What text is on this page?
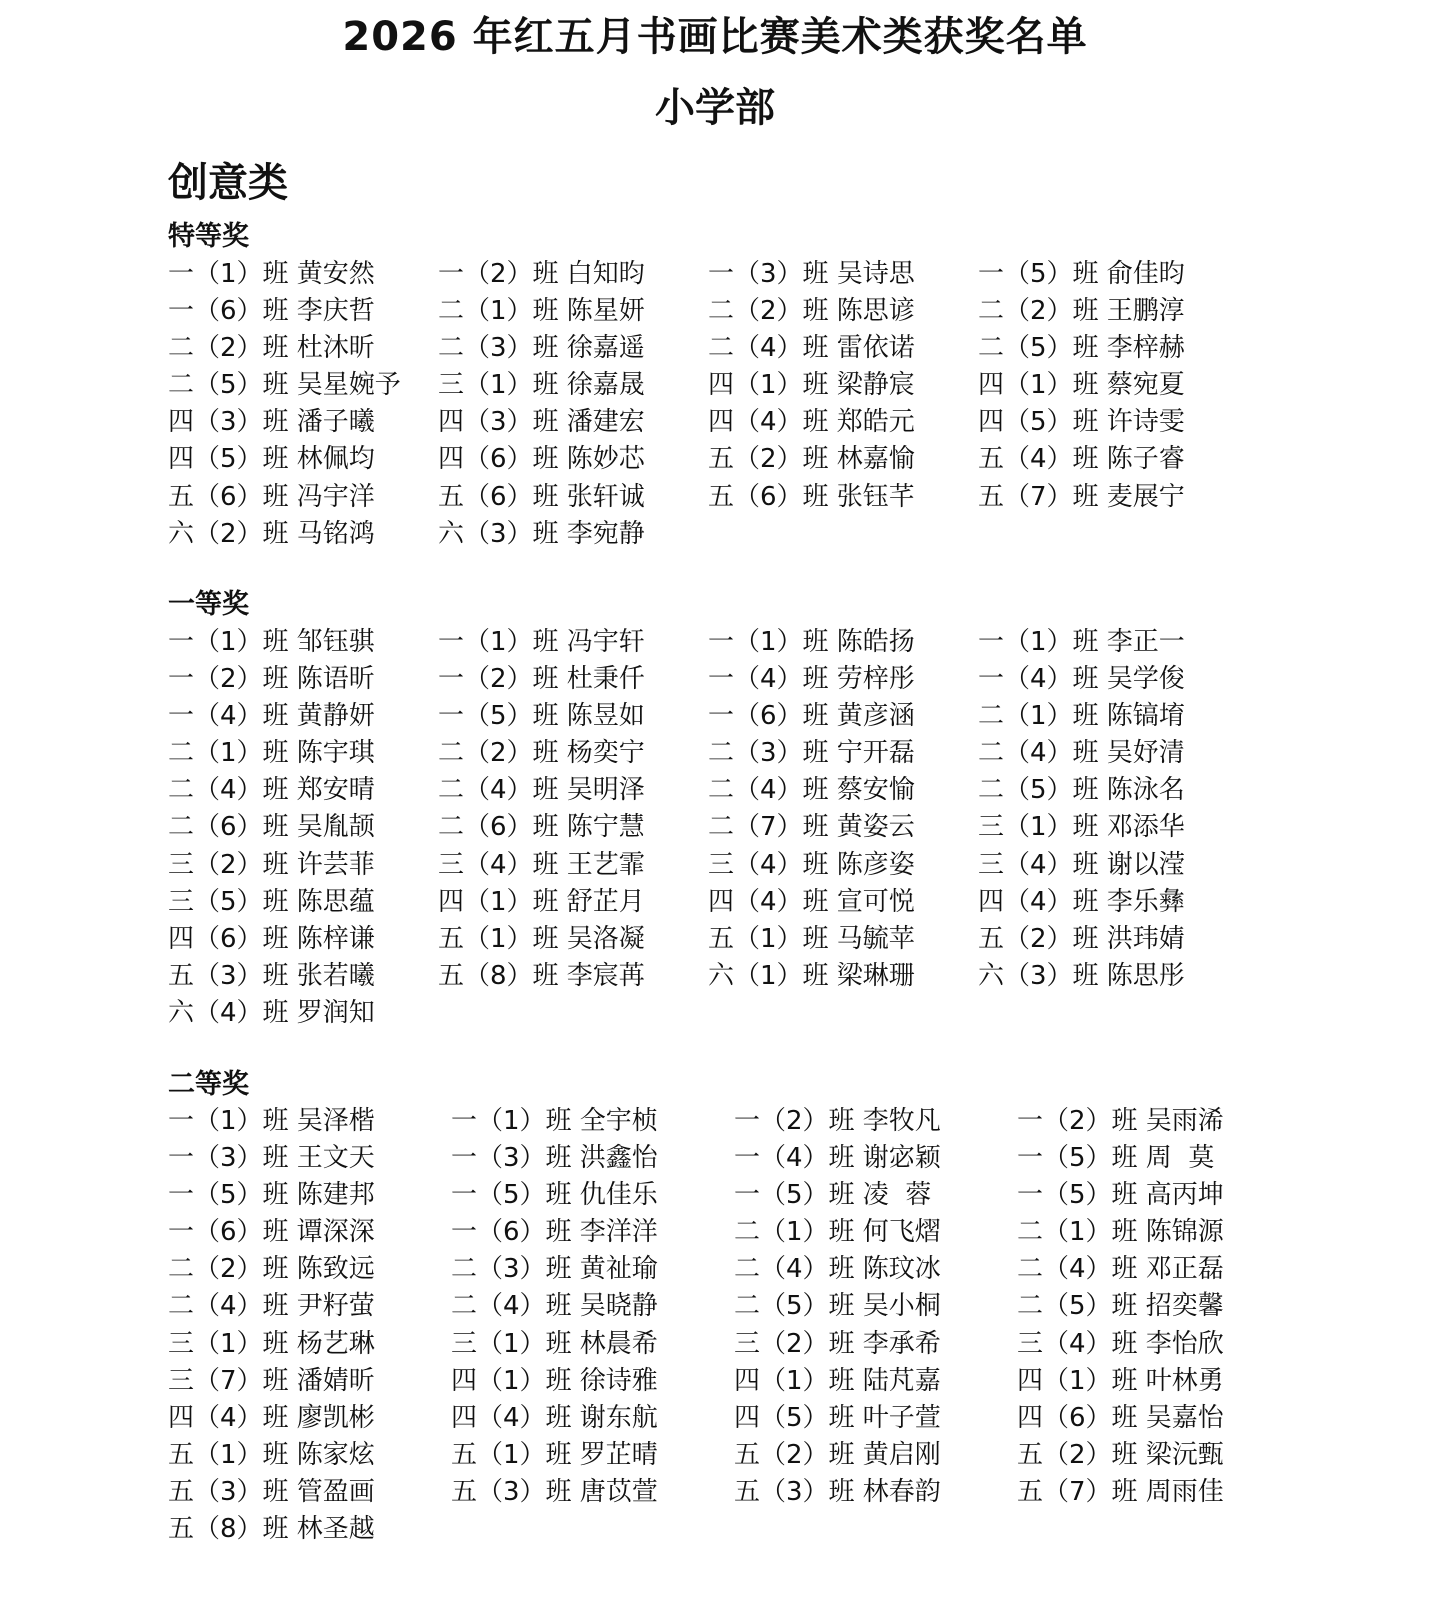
2026 年红五月书画比赛美术类获奖名单
小学部
创意类
特等奖
一（1）班 黄安然	一（2）班 白知昀	一（3）班 吴诗思	一（5）班 俞佳昀
一（6）班 李庆哲	二（1）班 陈星妍	二（2）班 陈思谚	二（2）班 王鹏淳
二（2）班 杜沐昕	二（3）班 徐嘉遥	二（4）班 雷依诺	二（5）班 李梓赫
二（5）班 吴星婉予	三（1）班 徐嘉晟	四（1）班 梁静宸	四（1）班 蔡宛夏
四（3）班 潘子曦	四（3）班 潘建宏	四（4）班 郑皓元	四（5）班 许诗雯
四（5）班 林佩均	四（6）班 陈妙芯	五（2）班 林嘉愉	五（4）班 陈子睿
五（6）班 冯宇洋	五（6）班 张轩诚	五（6）班 张钰芊	五（7）班 麦展宁
六（2）班 马铭鸿	六（3）班 李宛静
一等奖
一（1）班 邹钰骐	一（1）班 冯宇轩	一（1）班 陈皓扬	一（1）班 李正一
一（2）班 陈语昕	一（2）班 杜秉仟	一（4）班 劳梓彤	一（4）班 吴学俊
一（4）班 黄静妍	一（5）班 陈昱如	一（6）班 黄彦涵	二（1）班 陈镐堉
二（1）班 陈宇琪	二（2）班 杨奕宁	二（3）班 宁开磊	二（4）班 吴妤清
二（4）班 郑安晴	二（4）班 吴明泽	二（4）班 蔡安愉	二（5）班 陈泳名
二（6）班 吴胤颉	二（6）班 陈宁慧	二（7）班 黄姿云	三（1）班 邓添华
三（2）班 许芸菲	三（4）班 王艺霏	三（4）班 陈彦姿	三（4）班 谢以滢
三（5）班 陈思蕴	四（1）班 舒芷月	四（4）班 宣可悦	四（4）班 李乐彝
四（6）班 陈梓谦	五（1）班 吴洛凝	五（1）班 马毓苹	五（2）班 洪玮婧
五（3）班 张若曦	五（8）班 李宸苒	六（1）班 梁琳珊	六（3）班 陈思彤
六（4）班 罗润知
二等奖
一（1）班 吴泽楷	一（1）班 全宇桢	一（2）班 李牧凡	一（2）班 吴雨浠
一（3）班 王文天	一（3）班 洪鑫怡	一（4）班 谢宓颖	一（5）班 周  莫
一（5）班 陈建邦	一（5）班 仇佳乐	一（5）班 凌  蓉	一（5）班 高丙坤
一（6）班 谭深深	一（6）班 李洋洋	二（1）班 何飞熠	二（1）班 陈锦源
二（2）班 陈致远	二（3）班 黄祉瑜	二（4）班 陈玟冰	二（4）班 邓正磊
二（4）班 尹籽萤	二（4）班 吴晓静	二（5）班 吴小桐	二（5）班 招奕馨
三（1）班 杨艺琳	三（1）班 林晨希	三（2）班 李承希	三（4）班 李怡欣
三（7）班 潘婧昕	四（1）班 徐诗雅	四（1）班 陆芃嘉	四（1）班 叶林勇
四（4）班 廖凯彬	四（4）班 谢东航	四（5）班 叶子萱	四（6）班 吴嘉怡
五（1）班 陈家炫	五（1）班 罗芷晴	五（2）班 黄启刚	五（2）班 梁沅甄
五（3）班 管盈画	五（3）班 唐苡萱	五（3）班 林春韵	五（7）班 周雨佳
五（8）班 林圣越
